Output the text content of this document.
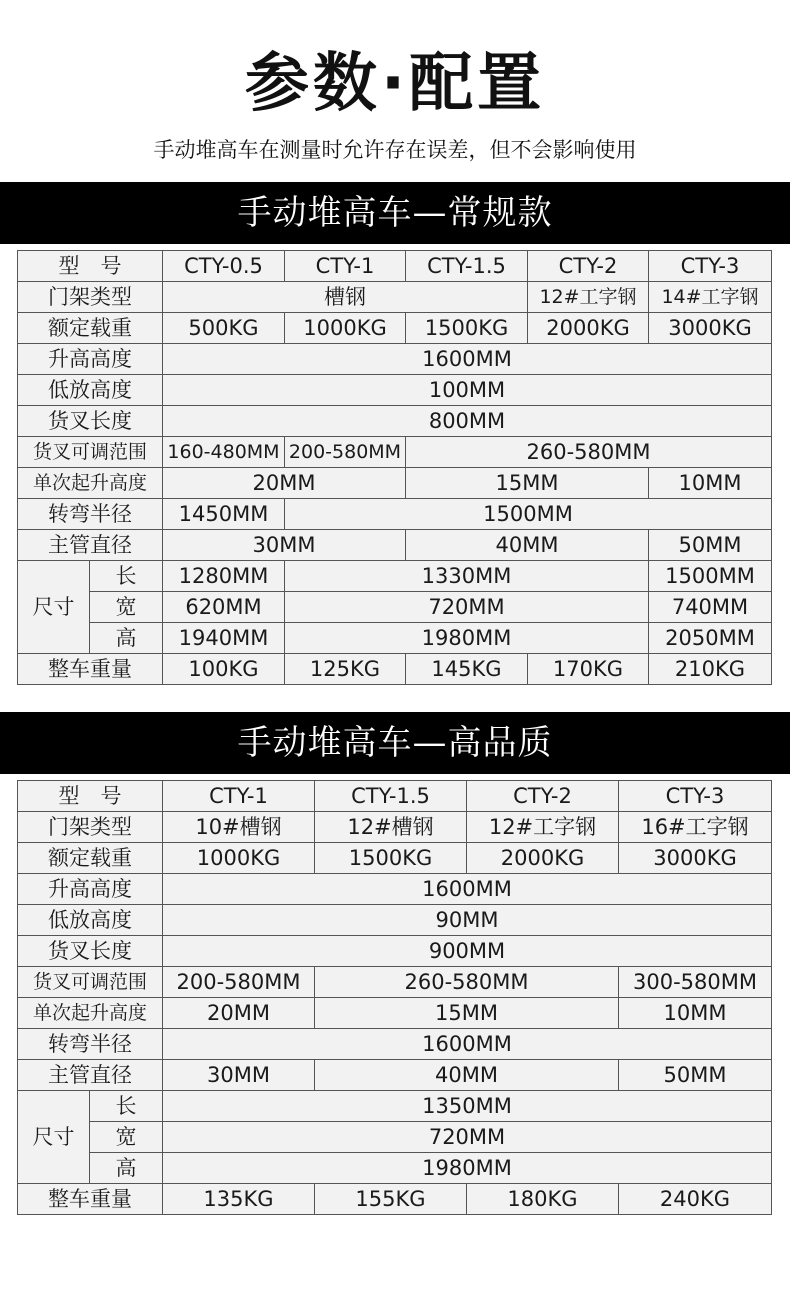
参数·配置
手动堆高车在测量时允许存在误差，但不会影响使用
手动堆高车—常规款
型　号		CTY-0.5	CTY-1	CTY-1.5	CTY-2	CTY-3
门架类型		槽钢			12#工字钢	14#工字钢
额定载重		500KG	1000KG	1500KG	2000KG	3000KG
升高高度		1600MM				
低放高度		100MM				
货叉长度		800MM				
货叉可调范围		160-480MM	200-580MM	260-580MM		
单次起升高度		20MM		15MM		10MM
转弯半径		1450MM	1500MM			
主管直径		30MM		40MM		50MM
尺寸	长	1280MM	1330MM			1500MM
	宽	620MM	720MM			740MM
	高	1940MM	1980MM			2050MM
整车重量		100KG	125KG	145KG	170KG	210KG
手动堆高车—高品质
型　号		CTY-1	CTY-1.5	CTY-2	CTY-3
门架类型		10#槽钢	12#槽钢	12#工字钢	16#工字钢
额定载重		1000KG	1500KG	2000KG	3000KG
升高高度		1600MM			
低放高度		90MM			
货叉长度		900MM			
货叉可调范围		200-580MM	260-580MM		300-580MM
单次起升高度		20MM	15MM		10MM
转弯半径		1600MM			
主管直径		30MM	40MM		50MM
尺寸	长	1350MM			
	宽	720MM			
	高	1980MM			
整车重量		135KG	155KG	180KG	240KG
